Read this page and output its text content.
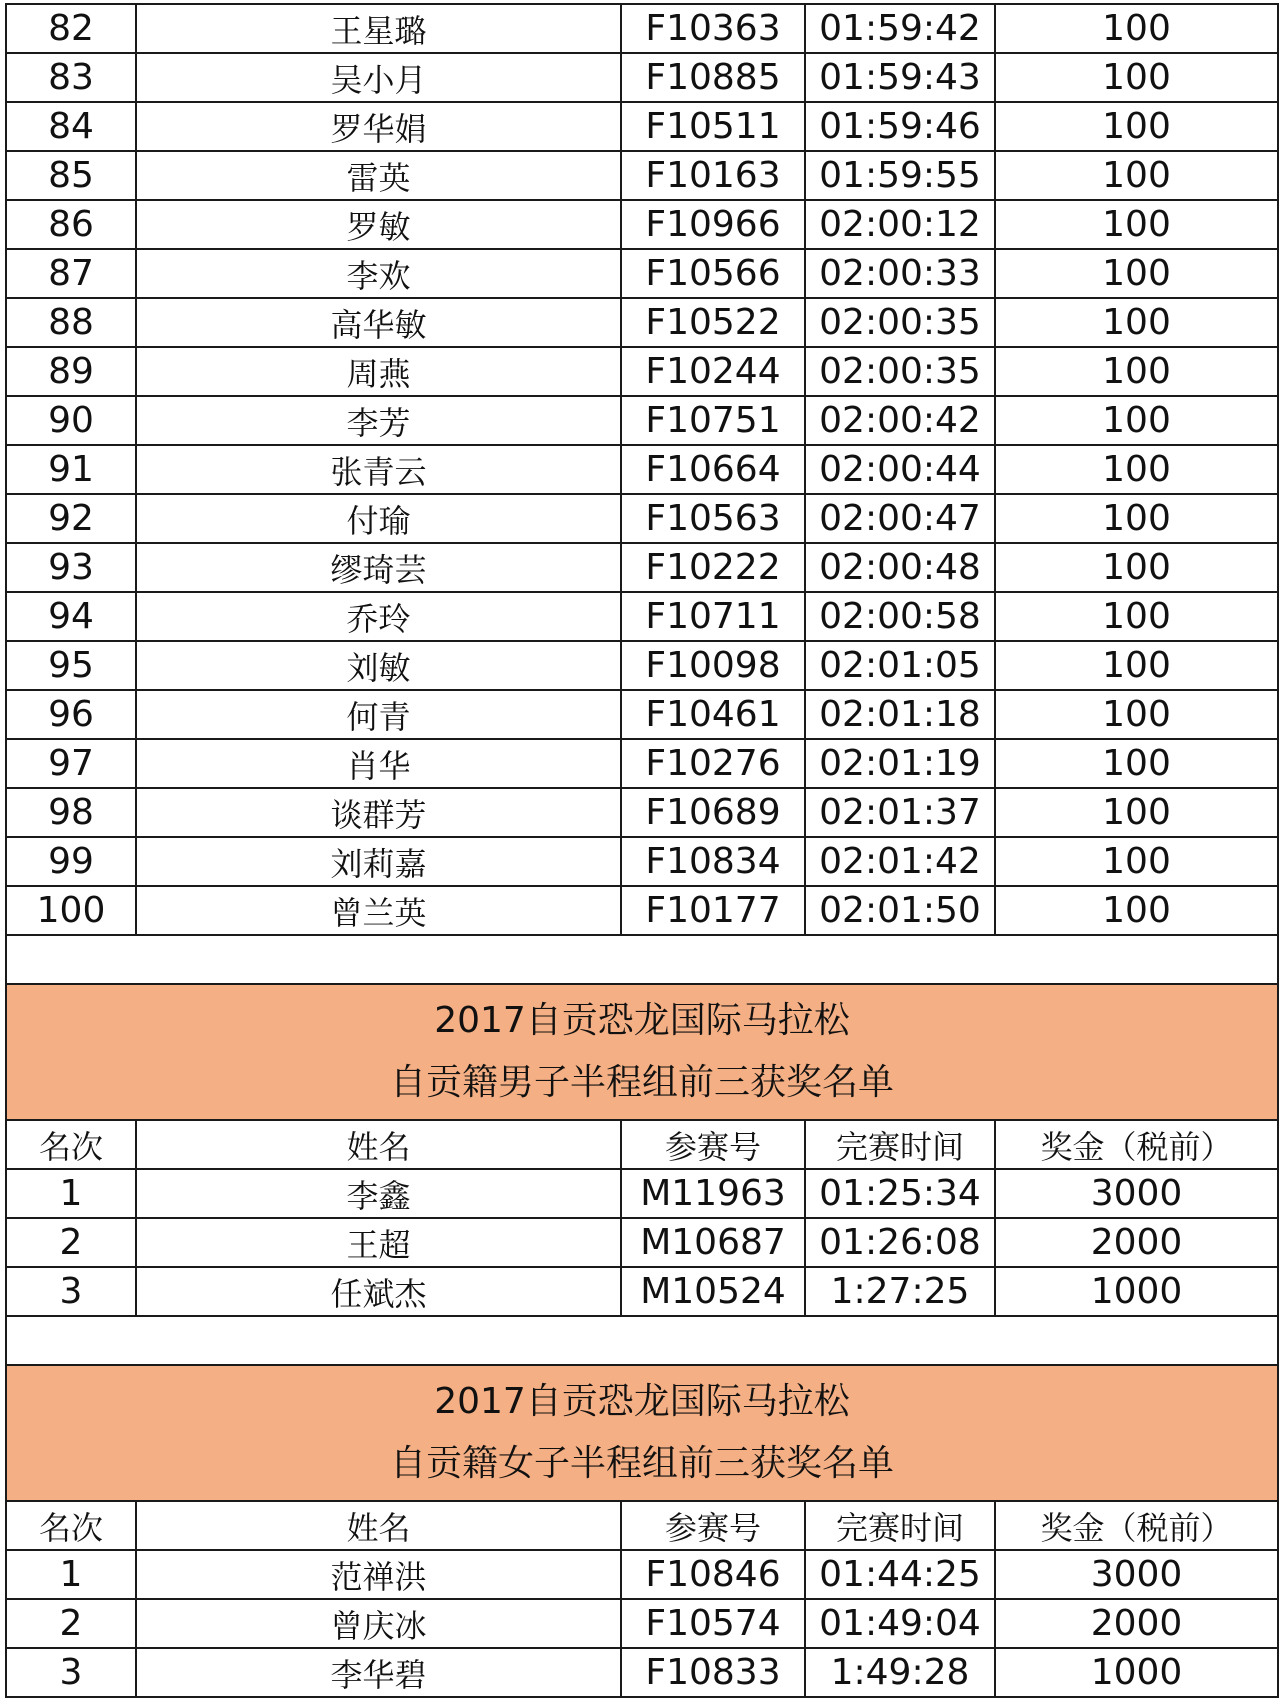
82	王星璐	F10363	01:59:42	100
83	吴小月	F10885	01:59:43	100
84	罗华娟	F10511	01:59:46	100
85	雷英	F10163	01:59:55	100
86	罗敏	F10966	02:00:12	100
87	李欢	F10566	02:00:33	100
88	高华敏	F10522	02:00:35	100
89	周燕	F10244	02:00:35	100
90	李芳	F10751	02:00:42	100
91	张青云	F10664	02:00:44	100
92	付瑜	F10563	02:00:47	100
93	缪琦芸	F10222	02:00:48	100
94	乔玲	F10711	02:00:58	100
95	刘敏	F10098	02:01:05	100
96	何青	F10461	02:01:18	100
97	肖华	F10276	02:01:19	100
98	谈群芳	F10689	02:01:37	100
99	刘莉嘉	F10834	02:01:42	100
100	曾兰英	F10177	02:01:50	100

2017自贡恐龙国际马拉松
自贡籍男子半程组前三获奖名单				

名次	姓名	参赛号	完赛时间	奖金（税前）
1	李鑫	M11963	01:25:34	3000
2	王超	M10687	01:26:08	2000
3	任斌杰	M10524	1:27:25	1000

2017自贡恐龙国际马拉松
自贡籍女子半程组前三获奖名单				

名次	姓名	参赛号	完赛时间	奖金（税前）
1	范禅洪	F10846	01:44:25	3000
2	曾庆冰	F10574	01:49:04	2000
3	李华碧	F10833	1:49:28	1000
